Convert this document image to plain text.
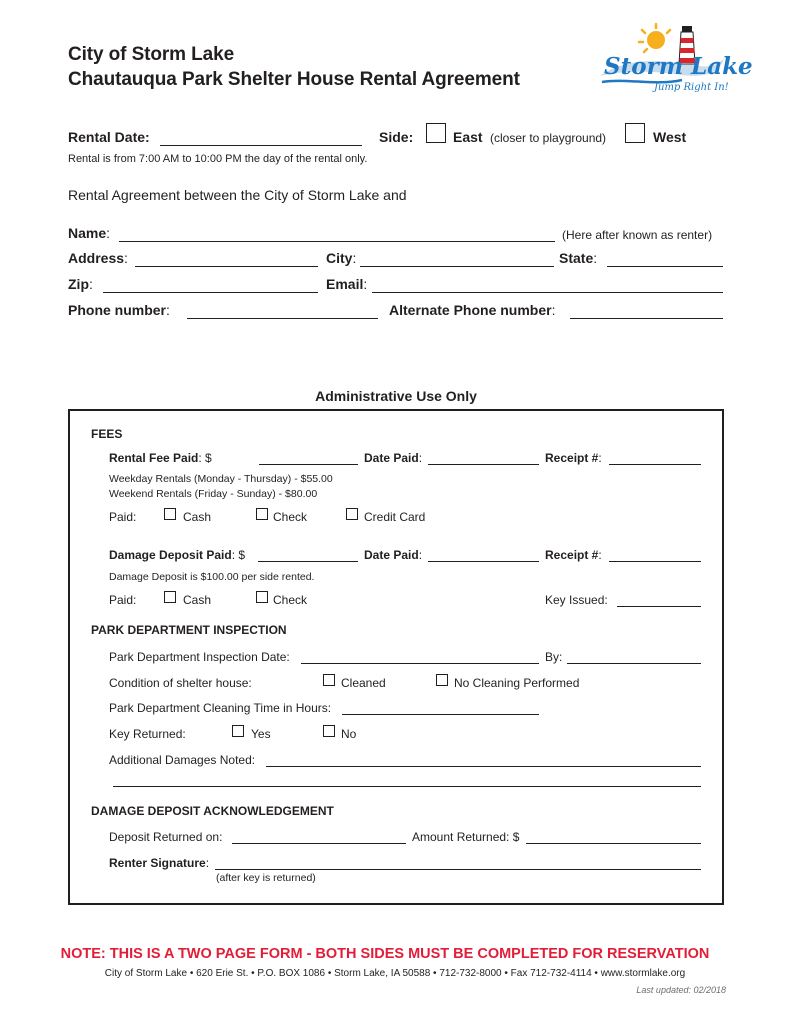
City of Storm Lake
Chautauqua Park Shelter House Rental Agreement	Storm Lake
Jump Right In!
Rental Date:	Side:	East (closer to playground)	West
Rental is from 7:00 AM to 10:00 PM the day of the rental only.
Rental Agreement between the City of Storm Lake and
Name:	(Here after known as renter)
Address:	City:	State:
Zip:	Email:
Phone number:	Alternate Phone number:
Administrative Use Only
FEES
Rental Fee Paid: $	Date Paid:	Receipt #:
Weekday Rentals (Monday - Thursday) - $55.00
Weekend Rentals (Friday - Sunday) - $80.00
Paid:	Cash	Check	Credit Card
Damage Deposit Paid: $	Date Paid:	Receipt #:
Damage Deposit is $100.00 per side rented.
Paid:	Cash	Check	Key Issued:
PARK DEPARTMENT INSPECTION
Park Department Inspection Date:	By:
Condition of shelter house:	Cleaned	No Cleaning Performed
Park Department Cleaning Time in Hours:
Key Returned:	Yes	No
Additional Damages Noted:
DAMAGE DEPOSIT ACKNOWLEDGEMENT
Deposit Returned on:	Amount Returned: $
Renter Signature:
(after key is returned)
NOTE: THIS IS A TWO PAGE FORM - BOTH SIDES MUST BE COMPLETED FOR RESERVATION
City of Storm Lake • 620 Erie St. • P.O. BOX 1086 • Storm Lake, IA 50588 • 712-732-8000 • Fax 712-732-4114 • www.stormlake.org
Last updated: 02/2018
